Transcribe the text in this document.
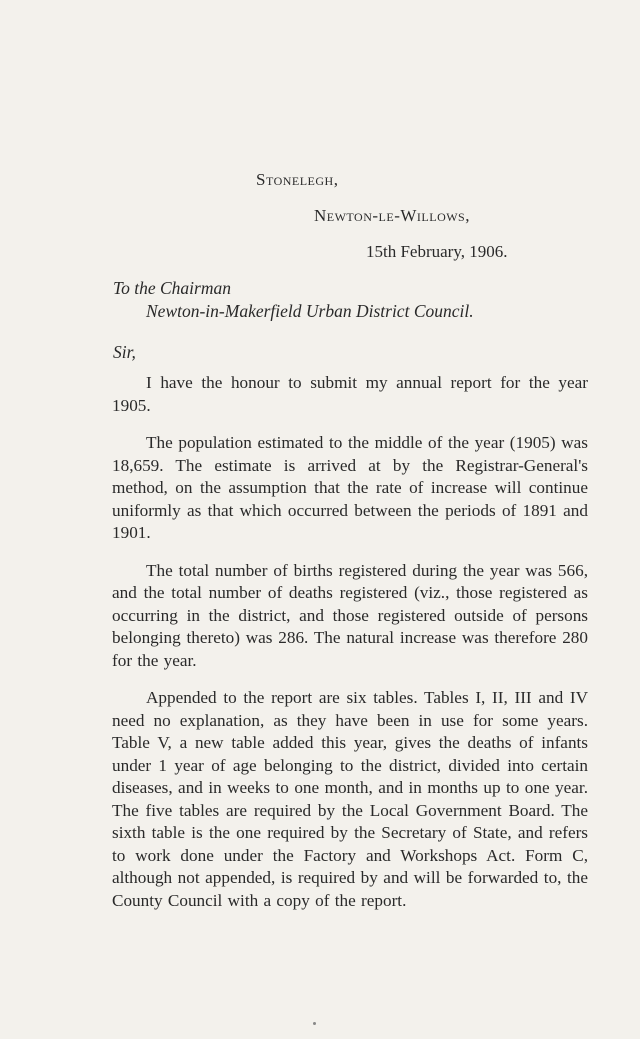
Stonelegh,
Newton-le-Willows,
15th February, 1906.
To the Chairman
Newton-in-Makerfield Urban District Council.
Sir,

I have the honour to submit my annual report for the year 1905.

The population estimated to the middle of the year (1905) was 18,659. The estimate is arrived at by the Registrar-General's method, on the assumption that the rate of increase will continue uniformly as that which occurred between the periods of 1891 and 1901.

The total number of births registered during the year was 566, and the total number of deaths registered (viz., those registered as occurring in the district, and those registered outside of persons belonging thereto) was 286. The natural increase was therefore 280 for the year.

Appended to the report are six tables. Tables I, II, III and IV need no explanation, as they have been in use for some years. Table V, a new table added this year, gives the deaths of infants under 1 year of age belonging to the district, divided into certain diseases, and in weeks to one month, and in months up to one year. The five tables are required by the Local Government Board. The sixth table is the one required by the Secretary of State, and refers to work done under the Factory and Workshops Act. Form C, although not appended, is required by and will be forwarded to, the County Council with a copy of the report.
